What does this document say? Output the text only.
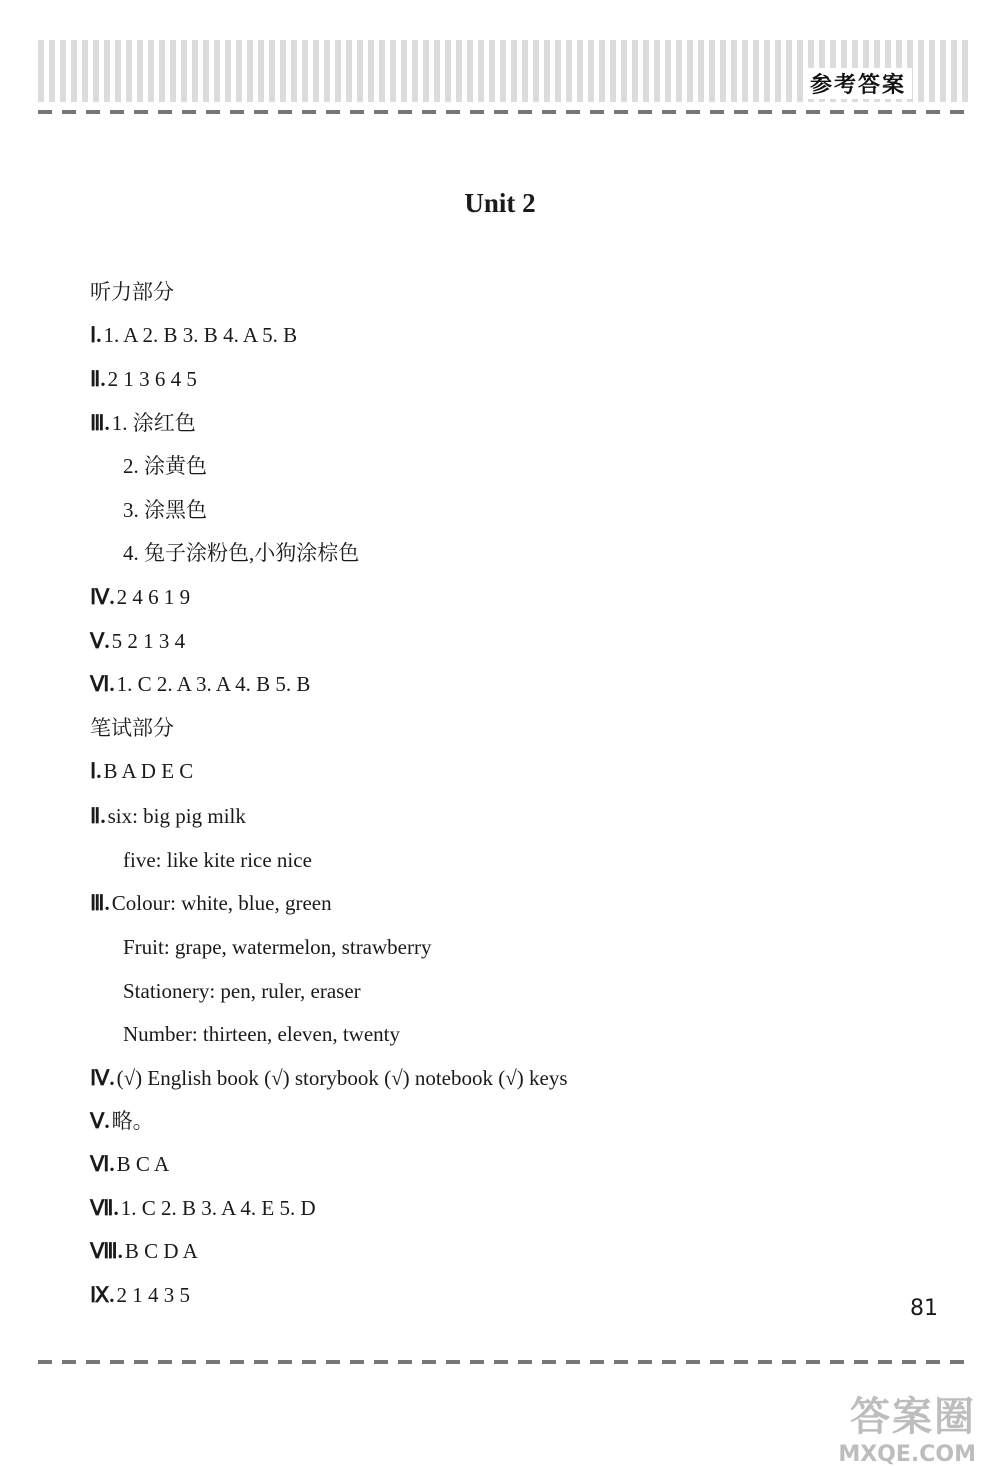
参考答案
Unit 2
听力部分
Ⅰ.1. A 2. B 3. B 4. A 5. B
Ⅱ.2 1 3 6 4 5
Ⅲ.1. 涂红色
2. 涂黄色
3. 涂黑色
4. 兔子涂粉色,小狗涂棕色
Ⅳ.2 4 6 1 9
Ⅴ.5 2 1 3 4
Ⅵ.1. C 2. A 3. A 4. B 5. B
笔试部分
Ⅰ.B A D E C
Ⅱ.six: big pig milk
five: like kite rice nice
Ⅲ.Colour: white, blue, green
Fruit: grape, watermelon, strawberry
Stationery: pen, ruler, eraser
Number: thirteen, eleven, twenty
Ⅳ.(√) English book (√) storybook (√) notebook (√) keys
Ⅴ.略。
Ⅵ.B C A
Ⅶ.1. C 2. B 3. A 4. E 5. D
Ⅷ.B C D A
Ⅸ.2 1 4 3 5
81
答案圈
MXQE.COM
